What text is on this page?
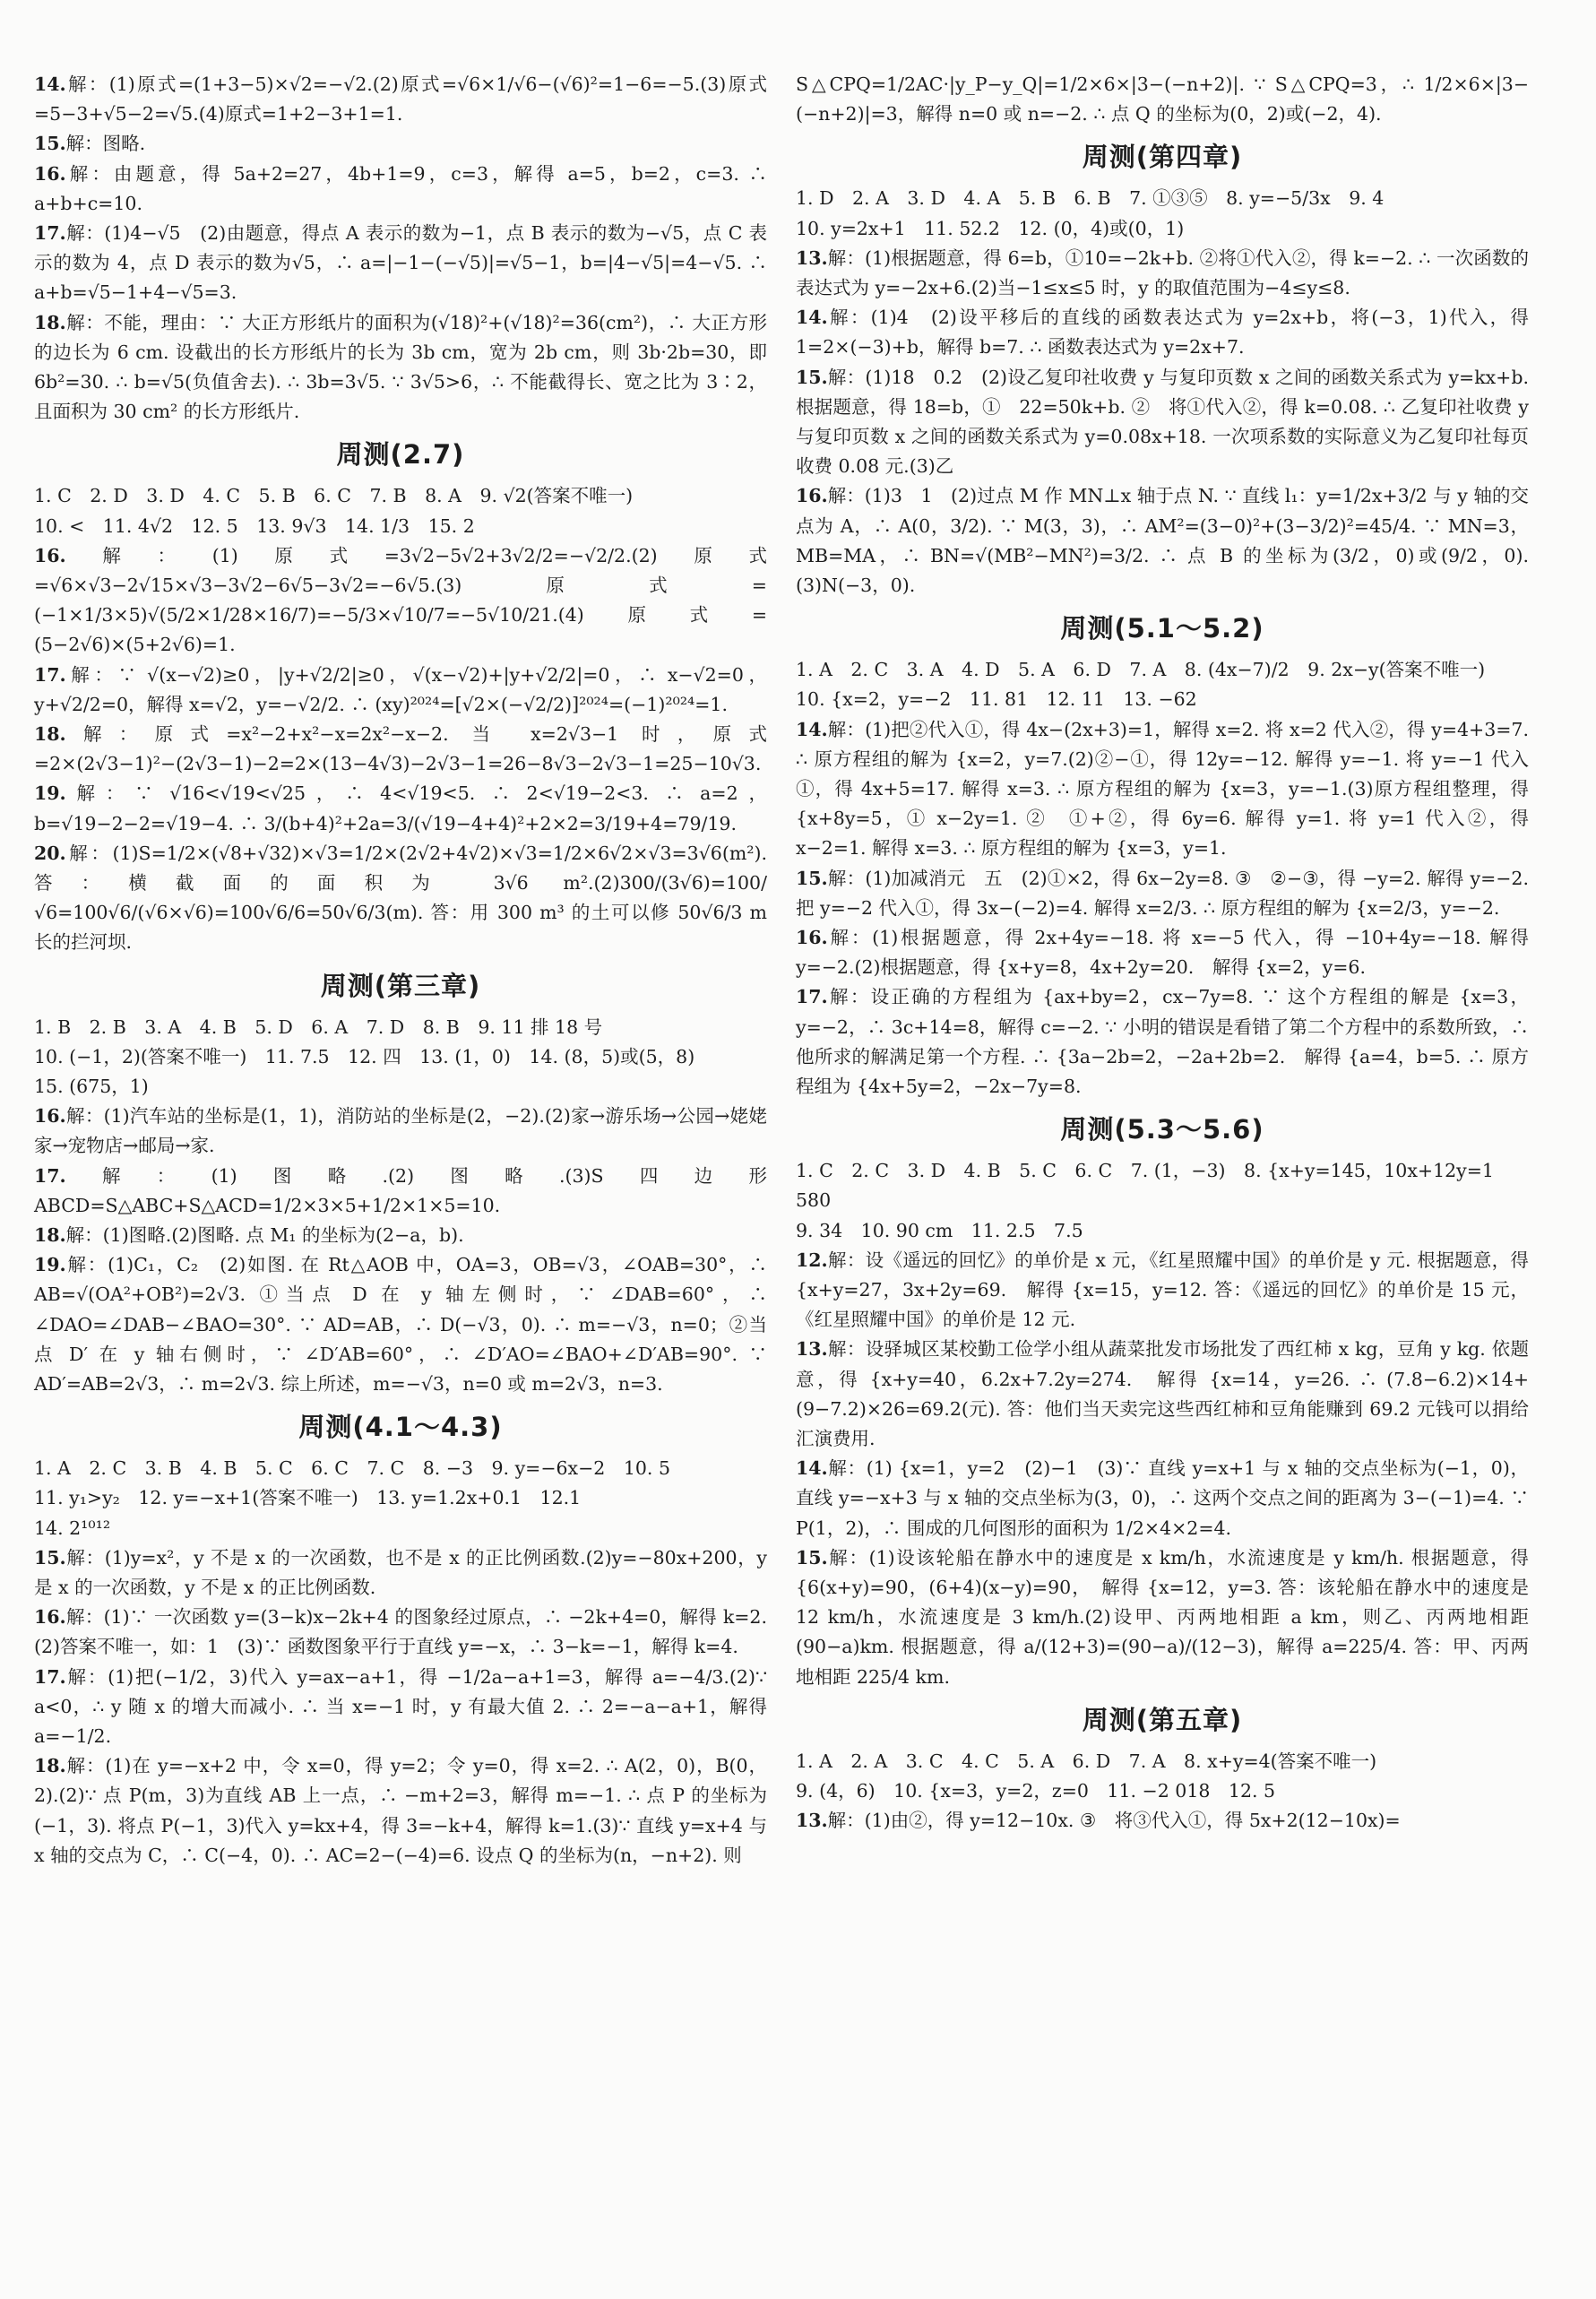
14.解：(1)原式=(1+3−5)×√2=−√2.(2)原式=√6×1/√6−(√6)²=1−6=−5.(3)原式=5−3+√5−2=√5.(4)原式=1+2−3+1=1.

15.解：图略.

16.解：由题意，得 5a+2=27，4b+1=9，c=3，解得 a=5，b=2，c=3. ∴ a+b+c=10.

17.解：(1)4−√5　(2)由题意，得点 A 表示的数为−1，点 B 表示的数为−√5，点 C 表示的数为 4，点 D 表示的数为√5，∴ a=|−1−(−√5)|=√5−1，b=|4−√5|=4−√5. ∴ a+b=√5−1+4−√5=3.

18.解：不能，理由：∵ 大正方形纸片的面积为(√18)²+(√18)²=36(cm²)，∴ 大正方形的边长为 6 cm. 设截出的长方形纸片的长为 3b cm，宽为 2b cm，则 3b·2b=30，即 6b²=30. ∴ b=√5(负值舍去). ∴ 3b=3√5. ∵ 3√5>6，∴ 不能截得长、宽之比为 3∶2，且面积为 30 cm² 的长方形纸片.

周测(2.7)

1. C　2. D　3. D　4. C　5. B　6. C　7. B　8. A　9. √2(答案不唯一)

10. <　11. 4√2　12. 5　13. 9√3　14. 1/3　15. 2

16.解：(1)原式=3√2−5√2+3√2/2=−√2/2.(2)原式=√6×√3−2√15×√3−3√2−6√5−3√2=−6√5.(3)原式=(−1×1/3×5)√(5/2×1/28×16/7)=−5/3×√10/7=−5√10/21.(4)原式=(5−2√6)×(5+2√6)=1.

17.解：∵ √(x−√2)≥0，|y+√2/2|≥0，√(x−√2)+|y+√2/2|=0，∴ x−√2=0，y+√2/2=0，解得 x=√2，y=−√2/2. ∴ (xy)²⁰²⁴=[√2×(−√2/2)]²⁰²⁴=(−1)²⁰²⁴=1.

18.解：原式=x²−2+x²−x=2x²−x−2. 当 x=2√3−1 时，原式=2×(2√3−1)²−(2√3−1)−2=2×(13−4√3)−2√3−1=26−8√3−2√3−1=25−10√3.

19.解：∵ √16<√19<√25，∴ 4<√19<5. ∴ 2<√19−2<3. ∴ a=2，b=√19−2−2=√19−4. ∴ 3/(b+4)²+2a=3/(√19−4+4)²+2×2=3/19+4=79/19.

20.解：(1)S=1/2×(√8+√32)×√3=1/2×(2√2+4√2)×√3=1/2×6√2×√3=3√6(m²). 答：横截面的面积为 3√6 m².(2)300/(3√6)=100/√6=100√6/(√6×√6)=100√6/6=50√6/3(m). 答：用 300 m³ 的土可以修 50√6/3 m 长的拦河坝.

周测(第三章)

1. B　2. B　3. A　4. B　5. D　6. A　7. D　8. B　9. 11 排 18 号

10. (−1，2)(答案不唯一)　11. 7.5　12. 四　13. (1，0)　14. (8，5)或(5，8)

15. (675，1)

16.解：(1)汽车站的坐标是(1，1)，消防站的坐标是(2，−2).(2)家→游乐场→公园→姥姥家→宠物店→邮局→家.

17.解：(1)图略.(2)图略.(3)S四边形ABCD=S△ABC+S△ACD=1/2×3×5+1/2×1×5=10.

18.解：(1)图略.(2)图略. 点 M₁ 的坐标为(2−a，b).

19.解：(1)C₁，C₂　(2)如图. 在 Rt△AOB 中，OA=3，OB=√3，∠OAB=30°，∴ AB=√(OA²+OB²)=2√3. ①当点 D 在 y 轴左侧时，∵ ∠DAB=60°，∴ ∠DAO=∠DAB−∠BAO=30°. ∵ AD=AB，∴ D(−√3，0). ∴ m=−√3，n=0；②当点 D′ 在 y 轴右侧时，∵ ∠D′AB=60°，∴ ∠D′AO=∠BAO+∠D′AB=90°. ∵ AD′=AB=2√3，∴ m=2√3. 综上所述，m=−√3，n=0 或 m=2√3，n=3.

周测(4.1～4.3)

1. A　2. C　3. B　4. B　5. C　6. C　7. C　8. −3　9. y=−6x−2　10. 5

11. y₁>y₂　12. y=−x+1(答案不唯一)　13. y=1.2x+0.1　12.1

14. 2¹⁰¹²

15.解：(1)y=x²，y 不是 x 的一次函数，也不是 x 的正比例函数.(2)y=−80x+200，y 是 x 的一次函数，y 不是 x 的正比例函数.

16.解：(1)∵ 一次函数 y=(3−k)x−2k+4 的图象经过原点，∴ −2k+4=0，解得 k=2.(2)答案不唯一，如：1　(3)∵ 函数图象平行于直线 y=−x，∴ 3−k=−1，解得 k=4.

17.解：(1)把(−1/2，3)代入 y=ax−a+1，得 −1/2a−a+1=3，解得 a=−4/3.(2)∵ a<0，∴ y 随 x 的增大而减小. ∴ 当 x=−1 时，y 有最大值 2. ∴ 2=−a−a+1，解得 a=−1/2.

18.解：(1)在 y=−x+2 中，令 x=0，得 y=2；令 y=0，得 x=2. ∴ A(2，0)，B(0，2).(2)∵ 点 P(m，3)为直线 AB 上一点，∴ −m+2=3，解得 m=−1. ∴ 点 P 的坐标为(−1，3). 将点 P(−1，3)代入 y=kx+4，得 3=−k+4，解得 k=1.(3)∵ 直线 y=x+4 与 x 轴的交点为 C，∴ C(−4，0). ∴ AC=2−(−4)=6. 设点 Q 的坐标为(n，−n+2). 则

S△CPQ=1/2AC·|y_P−y_Q|=1/2×6×|3−(−n+2)|. ∵ S△CPQ=3，∴ 1/2×6×|3−(−n+2)|=3，解得 n=0 或 n=−2. ∴ 点 Q 的坐标为(0，2)或(−2，4).

周测(第四章)

1. D　2. A　3. D　4. A　5. B　6. B　7. ①③⑤　8. y=−5/3x　9. 4

10. y=2x+1　11. 52.2　12. (0，4)或(0，1)

13.解：(1)根据题意，得 6=b，①10=−2k+b. ②将①代入②，得 k=−2. ∴ 一次函数的表达式为 y=−2x+6.(2)当−1≤x≤5 时，y 的取值范围为−4≤y≤8.

14.解：(1)4　(2)设平移后的直线的函数表达式为 y=2x+b，将(−3，1)代入，得 1=2×(−3)+b，解得 b=7. ∴ 函数表达式为 y=2x+7.

15.解：(1)18　0.2　(2)设乙复印社收费 y 与复印页数 x 之间的函数关系式为 y=kx+b. 根据题意，得 18=b，①　22=50k+b. ②　将①代入②，得 k=0.08. ∴ 乙复印社收费 y 与复印页数 x 之间的函数关系式为 y=0.08x+18. 一次项系数的实际意义为乙复印社每页收费 0.08 元.(3)乙

16.解：(1)3　1　(2)过点 M 作 MN⊥x 轴于点 N. ∵ 直线 l₁：y=1/2x+3/2 与 y 轴的交点为 A，∴ A(0，3/2). ∵ M(3，3)，∴ AM²=(3−0)²+(3−3/2)²=45/4. ∵ MN=3，MB=MA，∴ BN=√(MB²−MN²)=3/2. ∴ 点 B 的坐标为(3/2，0)或(9/2，0).(3)N(−3，0).

周测(5.1～5.2)

1. A　2. C　3. A　4. D　5. A　6. D　7. A　8. (4x−7)/2　9. 2x−y(答案不唯一)　10. {x=2，y=−2　11. 81　12. 11　13. −62

14.解：(1)把②代入①，得 4x−(2x+3)=1，解得 x=2. 将 x=2 代入②，得 y=4+3=7. ∴ 原方程组的解为 {x=2，y=7.(2)②−①，得 12y=−12. 解得 y=−1. 将 y=−1 代入①，得 4x+5=17. 解得 x=3. ∴ 原方程组的解为 {x=3，y=−1.(3)原方程组整理，得 {x+8y=5，① x−2y=1. ②　①+②，得 6y=6. 解得 y=1. 将 y=1 代入②，得 x−2=1. 解得 x=3. ∴ 原方程组的解为 {x=3，y=1.

15.解：(1)加减消元　五　(2)①×2，得 6x−2y=8. ③　②−③，得 −y=2. 解得 y=−2. 把 y=−2 代入①，得 3x−(−2)=4. 解得 x=2/3. ∴ 原方程组的解为 {x=2/3，y=−2.

16.解：(1)根据题意，得 2x+4y=−18. 将 x=−5 代入，得 −10+4y=−18. 解得 y=−2.(2)根据题意，得 {x+y=8，4x+2y=20.　解得 {x=2，y=6.

17.解：设正确的方程组为 {ax+by=2，cx−7y=8. ∵ 这个方程组的解是 {x=3，y=−2，∴ 3c+14=8，解得 c=−2. ∵ 小明的错误是看错了第二个方程中的系数所致，∴ 他所求的解满足第一个方程. ∴ {3a−2b=2，−2a+2b=2.　解得 {a=4，b=5. ∴ 原方程组为 {4x+5y=2，−2x−7y=8.

周测(5.3～5.6)

1. C　2. C　3. D　4. B　5. C　6. C　7. (1，−3)　8. {x+y=145，10x+12y=1 580

9. 34　10. 90 cm　11. 2.5　7.5

12.解：设《遥远的回忆》的单价是 x 元，《红星照耀中国》的单价是 y 元. 根据题意，得 {x+y=27，3x+2y=69.　解得 {x=15，y=12. 答：《遥远的回忆》的单价是 15 元，《红星照耀中国》的单价是 12 元.

13.解：设驿城区某校勤工俭学小组从蔬菜批发市场批发了西红柿 x kg，豆角 y kg. 依题意，得 {x+y=40，6.2x+7.2y=274.　解得 {x=14，y=26. ∴ (7.8−6.2)×14+(9−7.2)×26=69.2(元). 答：他们当天卖完这些西红柿和豆角能赚到 69.2 元钱可以捐给汇演费用.

14.解：(1) {x=1，y=2　(2)−1　(3)∵ 直线 y=x+1 与 x 轴的交点坐标为(−1，0)，直线 y=−x+3 与 x 轴的交点坐标为(3，0)，∴ 这两个交点之间的距离为 3−(−1)=4. ∵ P(1，2)，∴ 围成的几何图形的面积为 1/2×4×2=4.

15.解：(1)设该轮船在静水中的速度是 x km/h，水流速度是 y km/h. 根据题意，得 {6(x+y)=90，(6+4)(x−y)=90，　解得 {x=12，y=3. 答：该轮船在静水中的速度是 12 km/h，水流速度是 3 km/h.(2)设甲、丙两地相距 a km，则乙、丙两地相距(90−a)km. 根据题意，得 a/(12+3)=(90−a)/(12−3)，解得 a=225/4. 答：甲、丙两地相距 225/4 km.

周测(第五章)

1. A　2. A　3. C　4. C　5. A　6. D　7. A　8. x+y=4(答案不唯一)

9. (4，6)　10. {x=3，y=2，z=0　11. −2 018　12. 5

13.解：(1)由②，得 y=12−10x. ③　将③代入①，得 5x+2(12−10x)=
